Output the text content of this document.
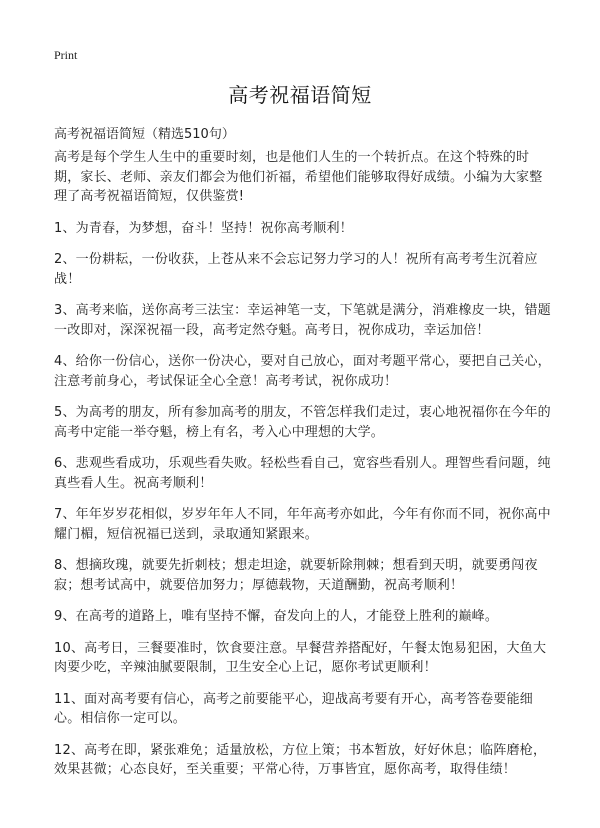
Print
高考祝福语简短
高考祝福语简短（精选510句）

高考是每个学生人生中的重要时刻，也是他们人生的一个转折点。在这个特殊的时期，家长、老师、亲友们都会为他们祈福，希望他们能够取得好成绩。小编为大家整理了高考祝福语简短，仅供鉴赏!

1、为青春，为梦想，奋斗！坚持！祝你高考顺利！

2、一份耕耘，一份收获，上苍从来不会忘记努力学习的人！祝所有高考考生沉着应战！

3、高考来临，送你高考三法宝：幸运神笔一支，下笔就是满分，消难橡皮一块，错题一改即对，深深祝福一段，高考定然夺魁。高考日，祝你成功，幸运加倍！

4、给你一份信心，送你一份决心，要对自己放心，面对考题平常心，要把自己关心，注意考前身心，考试保证全心全意！高考考试，祝你成功！

5、为高考的朋友，所有参加高考的朋友，不管怎样我们走过，衷心地祝福你在今年的高考中定能一举夺魁，榜上有名，考入心中理想的大学。

6、悲观些看成功，乐观些看失败。轻松些看自己，宽容些看别人。理智些看问题，纯真些看人生。祝高考顺利！

7、年年岁岁花相似，岁岁年年人不同，年年高考亦如此，今年有你而不同，祝你高中耀门楣，短信祝福已送到，录取通知紧跟来。

8、想摘玫瑰，就要先折刺枝；想走坦途，就要斩除荆棘；想看到天明，就要勇闯夜寂；想考试高中，就要倍加努力；厚德载物，天道酬勤，祝高考顺利！

9、在高考的道路上，唯有坚持不懈，奋发向上的人，才能登上胜利的巅峰。

10、高考日，三餐要准时，饮食要注意。早餐营养搭配好，午餐太饱易犯困，大鱼大肉要少吃，辛辣油腻要限制，卫生安全心上记，愿你考试更顺利！

11、面对高考要有信心，高考之前要能平心，迎战高考要有开心，高考答卷要能细心。相信你一定可以。

12、高考在即，紧张难免；适量放松，方位上策；书本暂放，好好休息；临阵磨枪，效果甚微；心态良好，至关重要；平常心待，万事皆宜，愿你高考，取得佳绩！
